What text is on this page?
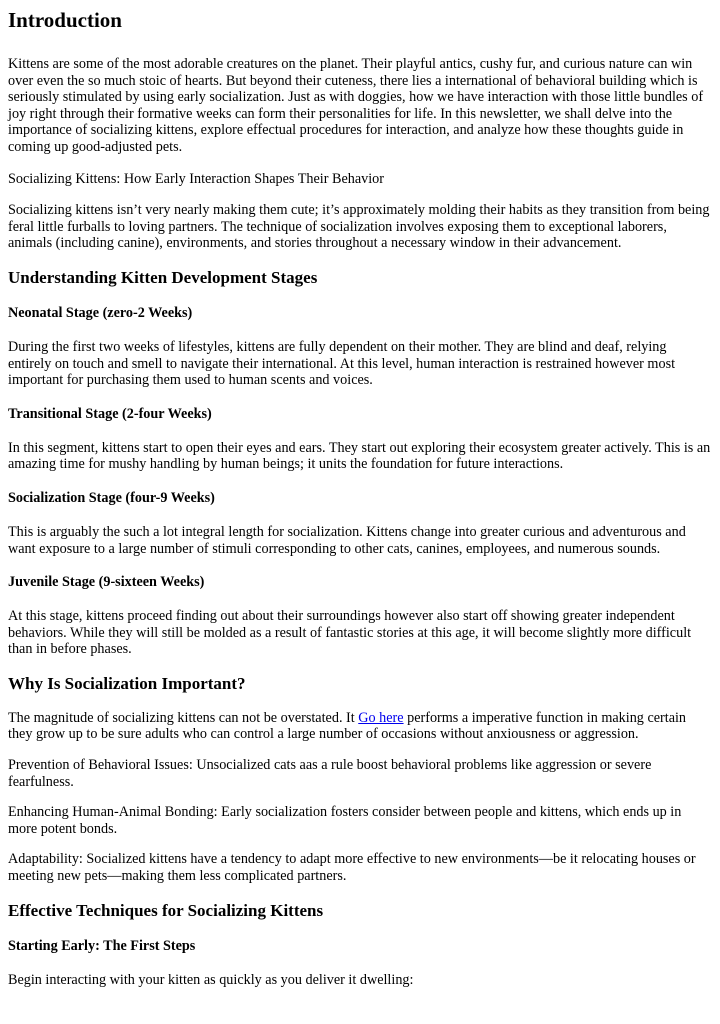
Introduction

Kittens are some of the most adorable creatures on the planet. Their playful antics, cushy fur, and curious nature can win over even the so much stoic of hearts. But beyond their cuteness, there lies a international of behavioral building which is seriously stimulated by using early socialization. Just as with doggies, how we have interaction with those little bundles of joy right through their formative weeks can form their personalities for life. In this newsletter, we shall delve into the importance of socializing kittens, explore effectual procedures for interaction, and analyze how these thoughts guide in coming up good-adjusted pets.

Socializing Kittens: How Early Interaction Shapes Their Behavior

Socializing kittens isn’t very nearly making them cute; it’s approximately molding their habits as they transition from being feral little furballs to loving partners. The technique of socialization involves exposing them to exceptional laborers, animals (including canine), environments, and stories throughout a necessary window in their advancement.

Understanding Kitten Development Stages
Neonatal Stage (zero-2 Weeks)

During the first two weeks of lifestyles, kittens are fully dependent on their mother. They are blind and deaf, relying entirely on touch and smell to navigate their international. At this level, human interaction is restrained however most important for purchasing them used to human scents and voices.

Transitional Stage (2-four Weeks)

In this segment, kittens start to open their eyes and ears. They start out exploring their ecosystem greater actively. This is an amazing time for mushy handling by human beings; it units the foundation for future interactions.

Socialization Stage (four-9 Weeks)

This is arguably the such a lot integral length for socialization. Kittens change into greater curious and adventurous and want exposure to a large number of stimuli corresponding to other cats, canines, employees, and numerous sounds.

Juvenile Stage (9-sixteen Weeks)

At this stage, kittens proceed finding out about their surroundings however also start off showing greater independent behaviors. While they will still be molded as a result of fantastic stories at this age, it will become slightly more difficult than in before phases.

Why Is Socialization Important?

The magnitude of socializing kittens can not be overstated. It Go here performs a imperative function in making certain they grow up to be sure adults who can control a large number of occasions without anxiousness or aggression.

Prevention of Behavioral Issues: Unsocialized cats aas a rule boost behavioral problems like aggression or severe fearfulness.

Enhancing Human-Animal Bonding: Early socialization fosters consider between people and kittens, which ends up in more potent bonds.

Adaptability: Socialized kittens have a tendency to adapt more effective to new environments—be it relocating houses or meeting new pets—making them less complicated partners.

Effective Techniques for Socializing Kittens
Starting Early: The First Steps

Begin interacting with your kitten as quickly as you deliver it dwelling:
